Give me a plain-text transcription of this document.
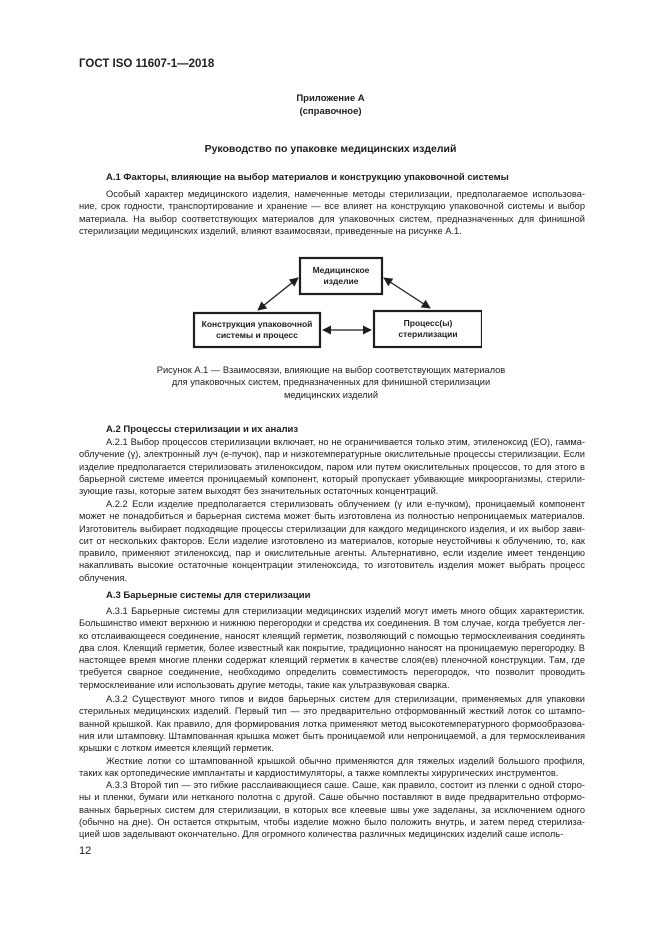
ГОСТ ISO 11607-1—2018
Приложение А
(справочное)
Руководство по упаковке медицинских изделий
А.1 Факторы, влияющие на выбор материалов и конструкцию упаковочной системы
Особый характер медицинского изделия, намеченные методы стерилизации, предполагаемое использование, срок годности, транспортирование и хранение — все влияет на конструкцию упаковочной системы и выбор материала. На выбор соответствующих материалов для упаковочных систем, предназначенных для финишной стерилизации медицинских изделий, влияют взаимосвязи, приведенные на рисунке А.1.
Медицинское
изделие
Конструкция упаковочной
системы и процесс
Процесс(ы)
стерилизации
Рисунок А.1 — Взаимосвязи, влияющие на выбор соответствующих материалов для упаковочных систем, предназначенных для финишной стерилизации медицинских изделий
А.2 Процессы стерилизации и их анализ
А.2.1 Выбор процессов стерилизации включает, но не ограничивается только этим, этиленоксид (ЕО), гамма-облучение (γ), электронный луч (е-пучок), пар и низкотемпературные окислительные процессы стерилизации. Если изделие предполагается стерилизовать этиленоксидом, паром или путем окислительных процессов, то для этого в барьерной системе имеется проницаемый компонент, который пропускает убивающие микроорганизмы, стерилизующие газы, которые затем выходят без значительных остаточных концентраций.
А.2.2 Если изделие предполагается стерилизовать облучением (γ или е-пучком), проницаемый компонент может не понадобиться и барьерная система может быть изготовлена из полностью непроницаемых материалов. Изготовитель выбирает подходящие процессы стерилизации для каждого медицинского изделия, и их выбор зависит от нескольких факторов. Если изделие изготовлено из материалов, которые неустойчивы к облучению, то, как правило, применяют этиленоксид, пар и окислительные агенты. Альтернативно, если изделие имеет тенденцию накапливать высокие остаточные концентрации этиленоксида, то изготовитель изделия может выбрать процесс облучения.
А.3 Барьерные системы для стерилизации
А.3.1 Барьерные системы для стерилизации медицинских изделий могут иметь много общих характеристик. Большинство имеют верхнюю и нижнюю перегородки и средства их соединения. В том случае, когда требуется легко отслаивающееся соединение, наносят клеящий герметик, позволяющий с помощью термосклеивания соединять два слоя. Клеящий герметик, более известный как покрытие, традиционно наносят на проницаемую перегородку. В настоящее время многие пленки содержат клеящий герметик в качестве слоя(ев) пленочной конструкции. Там, где требуется сварное соединение, необходимо определить совместимость перегородок, что позволит проводить термосклеивание или использовать другие методы, такие как ультразвуковая сварка.
А.3.2 Существуют много типов и видов барьерных систем для стерилизации, применяемых для упаковки стерильных медицинских изделий. Первый тип — это предварительно отформованный жесткий лоток со штампованной крышкой. Как правило, для формирования лотка применяют метод высокотемпературного формообразования или штамповку. Штампованная крышка может быть проницаемой или непроницаемой, а для термосклеивания крышки с лотком имеется клеящий герметик.
Жесткие лотки со штампованной крышкой обычно применяются для тяжелых изделий большого профиля, таких как ортопедические имплантаты и кардиостимуляторы, а также комплекты хирургических инструментов.
А.3.3 Второй тип — это гибкие расслаивающиеся саше. Саше, как правило, состоит из пленки с одной стороны и пленки, бумаги или нетканого полотна с другой. Саше обычно поставляют в виде предварительно отформованных барьерных систем для стерилизации, в которых все клеевые швы уже заделаны, за исключением одного (обычно на дне). Он остается открытым, чтобы изделие можно было положить внутрь, и затем перед стерилизацией шов заделывают окончательно. Для огромного количества различных медицинских изделий саше исполь-
12
